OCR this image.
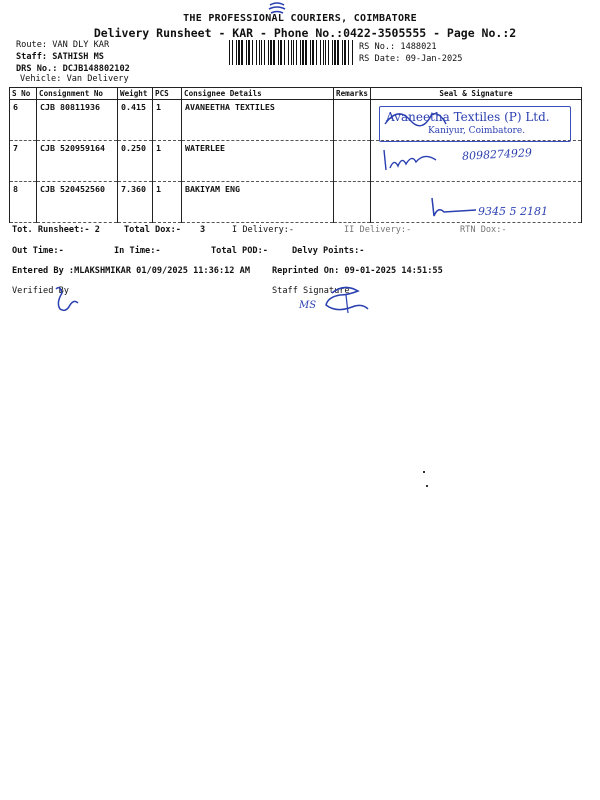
THE PROFESSIONAL COURIERS, COIMBATORE
Delivery Runsheet - KAR - Phone No.:0422-3505555 - Page No.:2
Route: VAN DLY KAR
Staff: SATHISH MS
DRS No.: DCJB148802102
Vehicle: Van Delivery
RS No.: 1488021
RS Date: 09-Jan-2025
S No	Consignment No	Weight	PCS	Consignee Details	Remarks	Seal & Signature
6	CJB 80811936	0.415	1	AVANEETHA TEXTILES		
7	CJB 520959164	0.250	1	WATERLEE		
8	CJB 520452560	7.360	1	BAKIYAM ENG		
Avaneetha Textiles (P) Ltd.
Kaniyur, Coimbatore.
8098274929
9345 5 2181
Tot. Runsheet:- 2	Total Dox:- 3	I Delivery:-	II Delivery:-	RTN Dox:-
Out Time:-	In Time:-	Total POD:-	Delvy Points:-
Entered By :MLAKSHMIKAR 01/09/2025 11:36:12 AM	Reprinted On: 09-01-2025 14:51:55
Verified By	Staff Signature
MS
